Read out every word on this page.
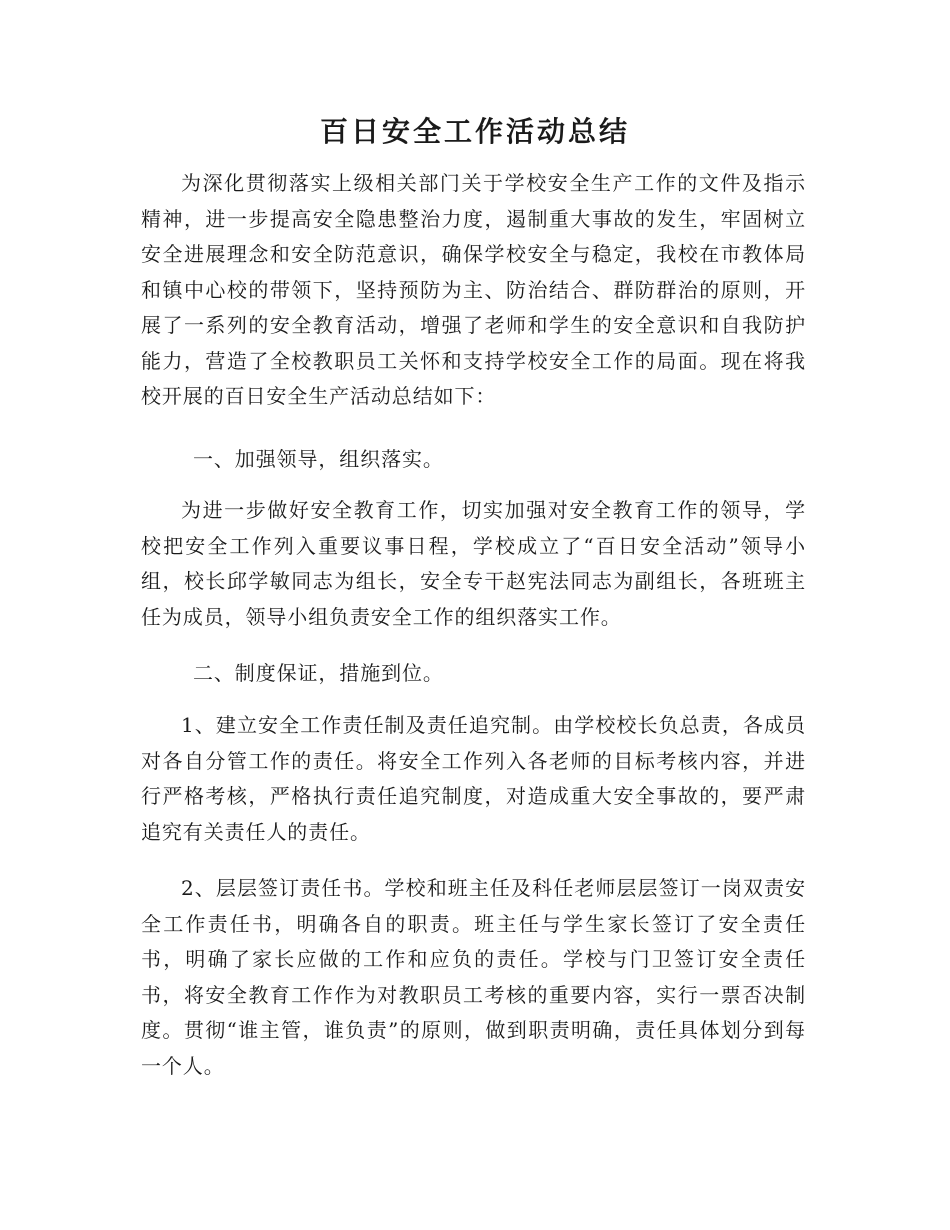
百日安全工作活动总结

为深化贯彻落实上级相关部门关于学校安全生产工作的文件及指示精神，进一步提高安全隐患整治力度，遏制重大事故的发生，牢固树立安全进展理念和安全防范意识，确保学校安全与稳定，我校在市教体局和镇中心校的带领下，坚持预防为主、防治结合、群防群治的原则，开展了一系列的安全教育活动，增强了老师和学生的安全意识和自我防护能力，营造了全校教职员工关怀和支持学校安全工作的局面。现在将我校开展的百日安全生产活动总结如下：

一、加强领导，组织落实。

为进一步做好安全教育工作，切实加强对安全教育工作的领导，学校把安全工作列入重要议事日程，学校成立了“百日安全活动”领导小组，校长邱学敏同志为组长，安全专干赵宪法同志为副组长，各班班主任为成员，领导小组负责安全工作的组织落实工作。

二、制度保证，措施到位。

1、建立安全工作责任制及责任追究制。由学校校长负总责，各成员对各自分管工作的责任。将安全工作列入各老师的目标考核内容，并进行严格考核，严格执行责任追究制度，对造成重大安全事故的，要严肃追究有关责任人的责任。

2、层层签订责任书。学校和班主任及科任老师层层签订一岗双责安全工作责任书，明确各自的职责。班主任与学生家长签订了安全责任书，明确了家长应做的工作和应负的责任。学校与门卫签订安全责任书，将安全教育工作作为对教职员工考核的重要内容，实行一票否决制度。贯彻“谁主管，谁负责”的原则，做到职责明确，责任具体划分到每一个人。
